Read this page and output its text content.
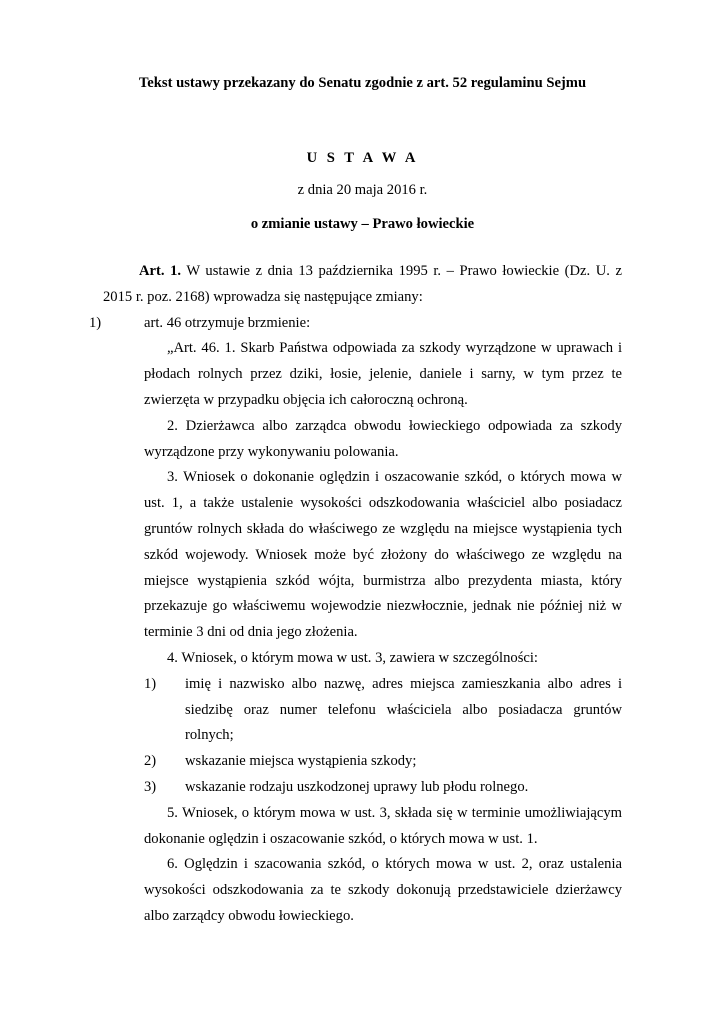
Tekst ustawy przekazany do Senatu zgodnie z art. 52 regulaminu Sejmu
U S T A W A
z dnia 20 maja 2016 r.
o zmianie ustawy – Prawo łowieckie

Art. 1. W ustawie z dnia 13 października 1995 r. – Prawo łowieckie (Dz. U. z 2015 r. poz. 2168) wprowadza się następujące zmiany:

1)	art. 46 otrzymuje brzmienie:

„Art. 46. 1. Skarb Państwa odpowiada za szkody wyrządzone w uprawach i płodach rolnych przez dziki, łosie, jelenie, daniele i sarny, w tym przez te zwierzęta w przypadku objęcia ich całoroczną ochroną.

2. Dzierżawca albo zarządca obwodu łowieckiego odpowiada za szkody wyrządzone przy wykonywaniu polowania.

3. Wniosek o dokonanie oględzin i oszacowanie szkód, o których mowa w ust. 1, a także ustalenie wysokości odszkodowania właściciel albo posiadacz gruntów rolnych składa do właściwego ze względu na miejsce wystąpienia tych szkód wojewody. Wniosek może być złożony do właściwego ze względu na miejsce wystąpienia szkód wójta, burmistrza albo prezydenta miasta, który przekazuje go właściwemu wojewodzie niezwłocznie, jednak nie później niż w terminie 3 dni od dnia jego złożenia.

4. Wniosek, o którym mowa w ust. 3, zawiera w szczególności:

1) imię i nazwisko albo nazwę, adres miejsca zamieszkania albo adres i siedzibę oraz numer telefonu właściciela albo posiadacza gruntów rolnych;
2) wskazanie miejsca wystąpienia szkody;
3) wskazanie rodzaju uszkodzonej uprawy lub płodu rolnego.

5. Wniosek, o którym mowa w ust. 3, składa się w terminie umożliwiającym dokonanie oględzin i oszacowanie szkód, o których mowa w ust. 1.

6. Oględzin i szacowania szkód, o których mowa w ust. 2, oraz ustalenia wysokości odszkodowania za te szkody dokonują przedstawiciele dzierżawcy albo zarządcy obwodu łowieckiego.
